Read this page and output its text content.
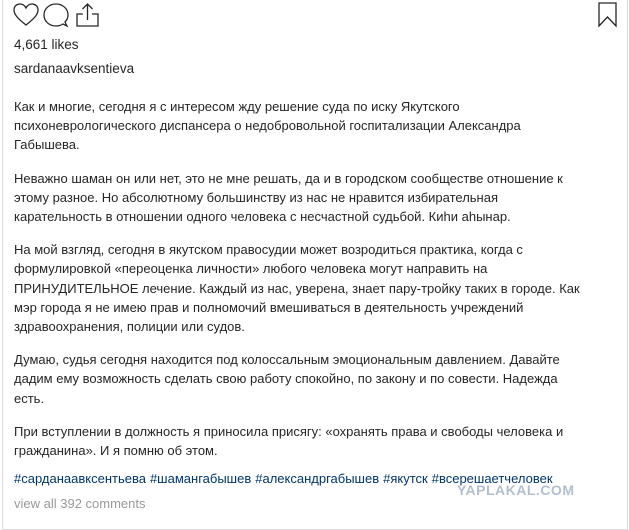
4,661 likes
sardanaavksentieva

Как и многие, сегодня я с интересом жду решение суда по иску Якутского
психоневрологического диспансера о недобровольной госпитализации Александра
Габышева.

Неважно шаман он или нет, это не мне решать, да и в городском сообществе отношение к
этому разное. Но абсолютному большинству из нас не нравится избирательная
карательность в отношении одного человека с несчастной судьбой. Киhи аhынар.

На мой взгляд, сегодня в якутском правосудии может возродиться практика, когда с
формулировкой «переоценка личности» любого человека могут направить на
ПРИНУДИТЕЛЬНОЕ лечение. Каждый из нас, уверена, знает пару-тройку таких в городе. Как
мэр города я не имею прав и полномочий вмешиваться в деятельность учреждений
здравоохранения, полиции или судов.

Думаю, судья сегодня находится под колоссальным эмоциональным давлением. Давайте
дадим ему возможность сделать свою работу спокойно, по закону и по совести. Надежда
есть.

При вступлении в должность я приносила присягу: «охранять права и свободы человека и
гражданина». И я помню об этом.

#сарданаавксентьева #шамангабышев #александргабышев #якутск #всерешаетчеловек
view all 392 comments
YAPLAKAL.COM
